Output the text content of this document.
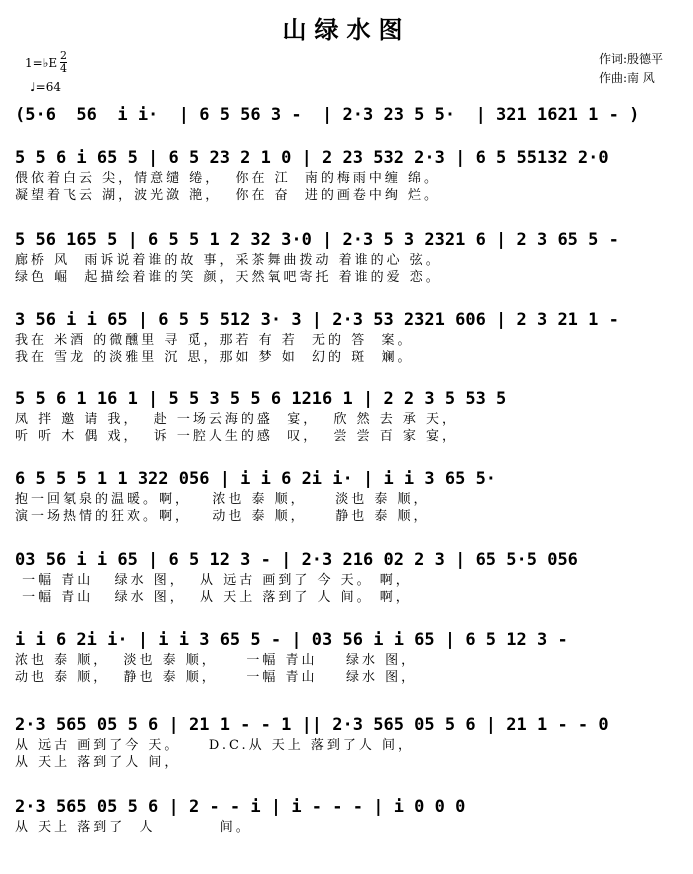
山绿水图
1=♭E $\frac{2}{4}$
♩=64
作词:殷德平
作曲:南 风
(5·6  56  i i·  | 6 5 56 3 -  | 2·3 23 5 5·  | 321 1621 1 - )
5 5 6 i 65 5 | 6 5 23 2 1 0 | 2 23 532 2·3 | 6 5 55132 2·0
偎依着白云 尖，情意缱 绻，  你在 江  南的梅雨中缠 绵。
凝望着飞云 湖，波光潋 滟，  你在 奋  进的画卷中绚 烂。
5 56 165 5 | 6 5 5 1 2 32 3·0 | 2·3 5 3 2321 6 | 2 3 65 5 -
廊桥 风  雨诉说着谁的故 事，采茶舞曲拨动 着谁的心 弦。
绿色 崛  起描绘着谁的笑 颜，天然氧吧寄托 着谁的爱 恋。
3 56 i i 65 | 6 5 5 512 3· 3 | 2·3 53 2321 606 | 2 3 21 1 -
我在 米酒 的微醺里 寻 觅，那若 有 若  无的 答  案。
我在 雪龙 的淡雅里 沉 思，那如 梦 如  幻的 斑  斓。
5 5 6 1 16 1 | 5 5 3 5 5 6 1216 1 | 2 2 3 5 53 5
凤 拌 邀 请 我，  赴 一场云海的盛  宴，  欣 然 去 承 天，
听 听 木 偶 戏，  诉 一腔人生的感  叹，  尝 尝 百 家 宴，
6 5 5 5 1 1 322 056 | i i 6 2i i· | i i 3 65 5·
抱一回氡泉的温暖。啊，   浓也 泰 顺，    淡也 泰 顺，
演一场热情的狂欢。啊，   动也 泰 顺，    静也 泰 顺，
03 56 i i 65 | 6 5 12 3 - | 2·3 216 02 2 3 | 65 5·5 056
一幅 青山   绿水 图，  从 远古 画到了 今 天。 啊，
一幅 青山   绿水 图，  从 天上 落到了 人 间。 啊，
i i 6 2i i· | i i 3 65 5 - | 03 56 i i 65 | 6 5 12 3 -
浓也 泰 顺，  淡也 泰 顺，    一幅 青山    绿水 图，
动也 泰 顺，  静也 泰 顺，    一幅 青山    绿水 图，
2·3 565 05 5 6 | 21 1 - - 1 || 2·3 565 05 5 6 | 21 1 - - 0
从 远古 画到了今 天。    D.C.从 天上 落到了人 间，
从 天上 落到了人 间，
2·3 565 05 5 6 | 2 - - i | i - - - | i 0 0 0
从 天上 落到了  人         间。
